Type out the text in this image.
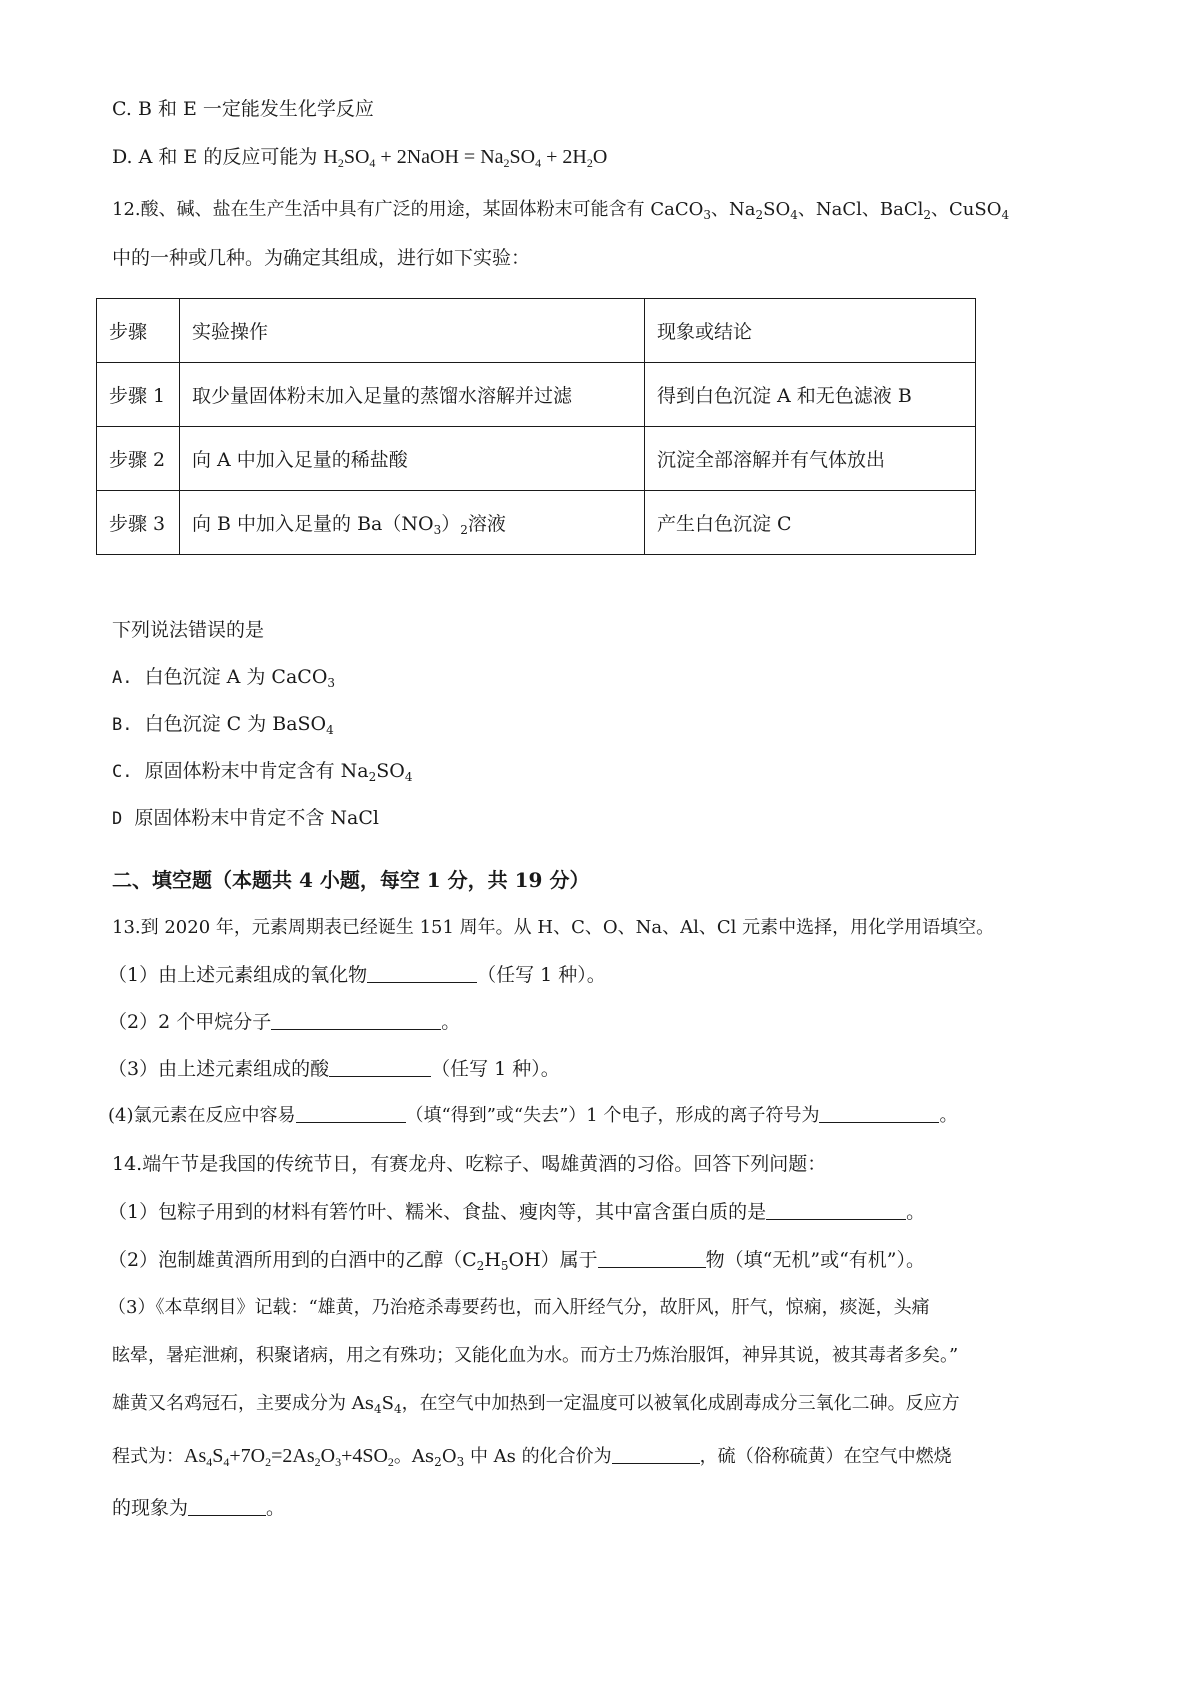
C. B 和 E 一定能发生化学反应
D. A 和 E 的反应可能为 $H_2SO_4$ + 2NaOH = $Na_2SO_4 + 2H_2O$
12.酸、碱、盐在生产生活中具有广泛的用途，某固体粉末可能含有 CaCO$_3$、$Na_2SO_4$、NaCl、BaCl$_2$、CuSO$_4$
中的一种或几种。为确定其组成，进行如下实验：
步骤	实验操作	现象或结论
步骤 1	取少量固体粉末加入足量的蒸馏水溶解并过滤	得到白色沉淀 A 和无色滤液 B
步骤 2	向 A 中加入足量的稀盐酸	沉淀全部溶解并有气体放出
步骤 3	向 B 中加入足量的 $Ba(NO_3)_2$溶液	产生白色沉淀 C
下列说法错误的是
A. 白色沉淀 A 为 CaCO$_3$
B. 白色沉淀 C 为 BaSO$_4$
C. 原固体粉末中肯定含有 $Na_2SO_4$
D 原固体粉末中肯定不含 NaCl
二、填空题（本题共 4 小题，每空 1 分，共 19 分）
13.到 2020 年，元素周期表已经诞生 151 周年。从 H、C、O、Na、Al、Cl 元素中选择，用化学用语填空。
（1）由上述元素组成的氧化物	（任写 1 种）。
（2）2 个甲烷分子	。
（3）由上述元素组成的酸	（任写 1 种）。
(4)氯元素在反应中容易	（填“得到”或“失去”）1 个电子，形成的离子符号为	。
14.端午节是我国的传统节日，有赛龙舟、吃粽子、喝雄黄酒的习俗。回答下列问题：
（1）包粽子用到的材料有箬竹叶、糯米、食盐、瘦肉等，其中富含蛋白质的是	。
（2）泡制雄黄酒所用到的白酒中的乙醇$(C_2H_5OH)$属于	物（填“无机”或“有机”）。
（3）《本草纲目》记载：“雄黄，乃治疮杀毒要药也，而入肝经气分，故肝风，肝气，惊痫，痰涎，头痛
眩晕，暑疟泄痢，积聚诸病，用之有殊功；又能化血为水。而方士乃炼治服饵，神异其说，被其毒者多矣。”
雄黄又名鸡冠石，主要成分为 $As_4S_4$，在空气中加热到一定温度可以被氧化成剧毒成分三氧化二砷。反应方
程式为：$As_4S_4+7O_2=2As_2O_3+4SO_2$。$As_2O_3$ 中 As 的化合价为	，硫（俗称硫黄）在空气中燃烧
的现象为	。
